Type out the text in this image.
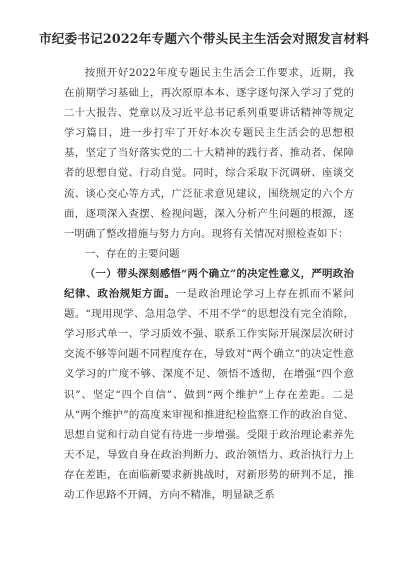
市纪委书记2022年专题六个带头民主生活会对照发言材料

按照开好2022年度专题民主生活会工作要求，近期，我在前期学习基础上，再次原原本本、逐字逐句深入学习了党的二十大报告、党章以及习近平总书记系列重要讲话精神等规定学习篇目，进一步打牢了开好本次专题民主生活会的思想根基，坚定了当好落实党的二十大精神的践行者、推动者、保障者的思想自觉、行动自觉。同时，综合采取下沉调研、座谈交流、谈心交心等方式，广泛征求意见建议，围绕规定的六个方面，逐项深入查摆、检视问题，深入分析产生问题的根源，逐一明确了整改措施与努力方向。现将有关情况对照检查如下：

一、存在的主要问题

（一）带头深刻感悟“两个确立”的决定性意义，严明政治纪律、政治规矩方面。一是政治理论学习上存在抓而不紧问题。“现用现学、急用急学、不用不学”的思想没有完全消除，学习形式单一、学习质效不强、联系工作实际开展深层次研讨交流不够等问题不同程度存在，导致对“两个确立”的决定性意义学习的广度不够、深度不足、领悟不透彻，在增强“四个意识”、坚定“四个自信”、做到“两个维护”上存在差距。二是从“两个维护”的高度来审视和推进纪检监察工作的政治自觉、思想自觉和行动自觉有待进一步增强。受限于政治理论素养先天不足，导致自身在政治判断力、政治领悟力、政治执行力上存在差距，在面临新要求新挑战时，对新形势的研判不足，推动工作思路不开阔，方向不精准，明显缺乏系
